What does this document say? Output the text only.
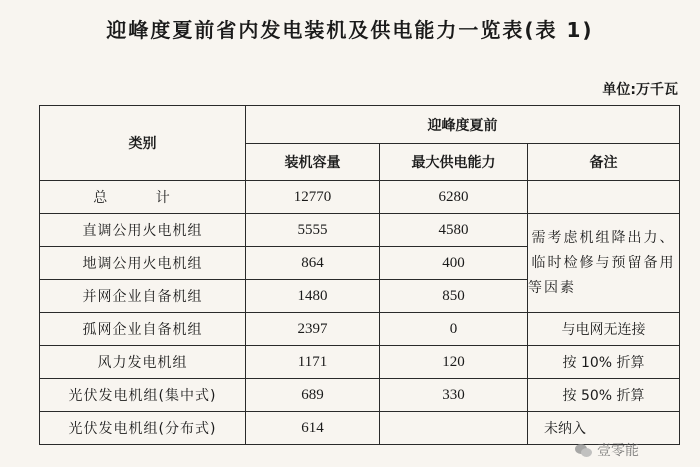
迎峰度夏前省内发电装机及供电能力一览表(表 1)
单位:万千瓦
类别	迎峰度夏前		
	装机容量	最大供电能力	备注
总 计	12770	6280	
直调公用火电机组	5555	4580	需考虑机组降出力、临时检修与预留备用等因素
地调公用火电机组	864	400	
并网企业自备机组	1480	850	
孤网企业自备机组	2397	0	与电网无连接
风力发电机组	1171	120	按 10% 折算
光伏发电机组(集中式)	689	330	按 50% 折算
光伏发电机组(分布式)	614		未纳入
壹零能
